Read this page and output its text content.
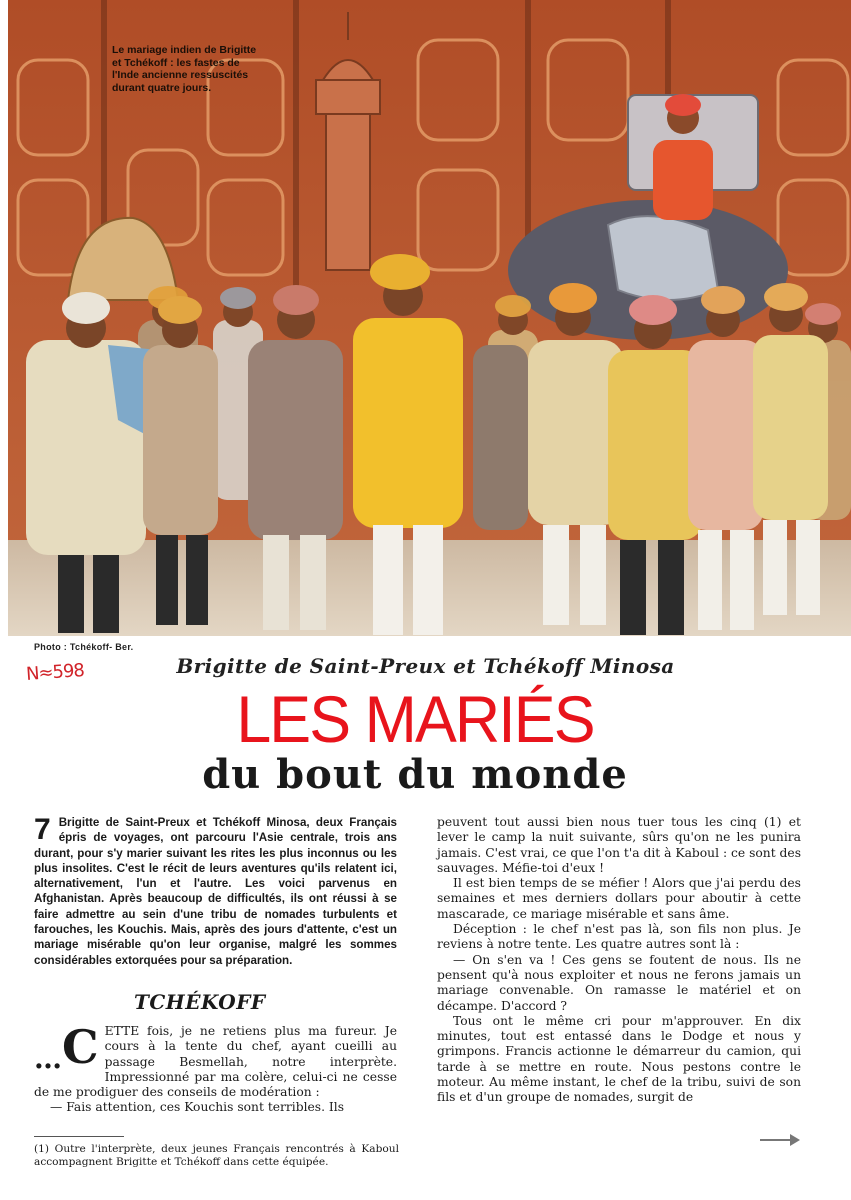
Le mariage indien de Brigitte et Tchékoff : les fastes de l'Inde ancienne ressuscités durant quatre jours.
Photo : Tchékoff- Ber.
N≈598	Brigitte de Saint-Preux et Tchékoff Minosa
LES MARIÉS
du bout du monde

7 Brigitte de Saint-Preux et Tchékoff Minosa, deux Français épris de voyages, ont parcouru l'Asie centrale, trois ans durant, pour s'y marier suivant les rites les plus inconnus ou les plus insolites. C'est le récit de leurs aventures qu'ils relatent ici, alternativement, l'un et l'autre. Les voici parvenus en Afghanistan. Après beaucoup de difficultés, ils ont réussi à se faire admettre au sein d'une tribu de nomades turbulents et farouches, les Kouchis. Mais, après des jours d'attente, c'est un mariage misérable qu'on leur organise, malgré les sommes considérables extorquées pour sa préparation.

TCHÉKOFF

…C ETTE fois, je ne retiens plus ma fureur. Je cours à la tente du chef, ayant cueilli au passage Besmellah, notre interprète. Impressionné par ma colère, celui-ci ne cesse de me prodiguer des conseils de modération :

— Fais attention, ces Kouchis sont terribles. Ils

peuvent tout aussi bien nous tuer tous les cinq (1) et lever le camp la nuit suivante, sûrs qu'on ne les punira jamais. C'est vrai, ce que l'on t'a dit à Kaboul : ce sont des sauvages. Méfie-toi d'eux !

Il est bien temps de se méfier ! Alors que j'ai perdu des semaines et mes derniers dollars pour aboutir à cette mascarade, ce mariage misérable et sans âme.

Déception : le chef n'est pas là, son fils non plus. Je reviens à notre tente. Les quatre autres sont là :

— On s'en va ! Ces gens se foutent de nous. Ils ne pensent qu'à nous exploiter et nous ne ferons jamais un mariage convenable. On ramasse le matériel et on décampe. D'accord ?

Tous ont le même cri pour m'approuver. En dix minutes, tout est entassé dans le Dodge et nous y grimpons. Francis actionne le démarreur du camion, qui tarde à se mettre en route. Nous pestons contre le moteur. Au même instant, le chef de la tribu, suivi de son fils et d'un groupe de nomades, surgit de

(1) Outre l'interprète, deux jeunes Français rencontrés à Kaboul accompagnent Brigitte et Tchékoff dans cette équipée.
